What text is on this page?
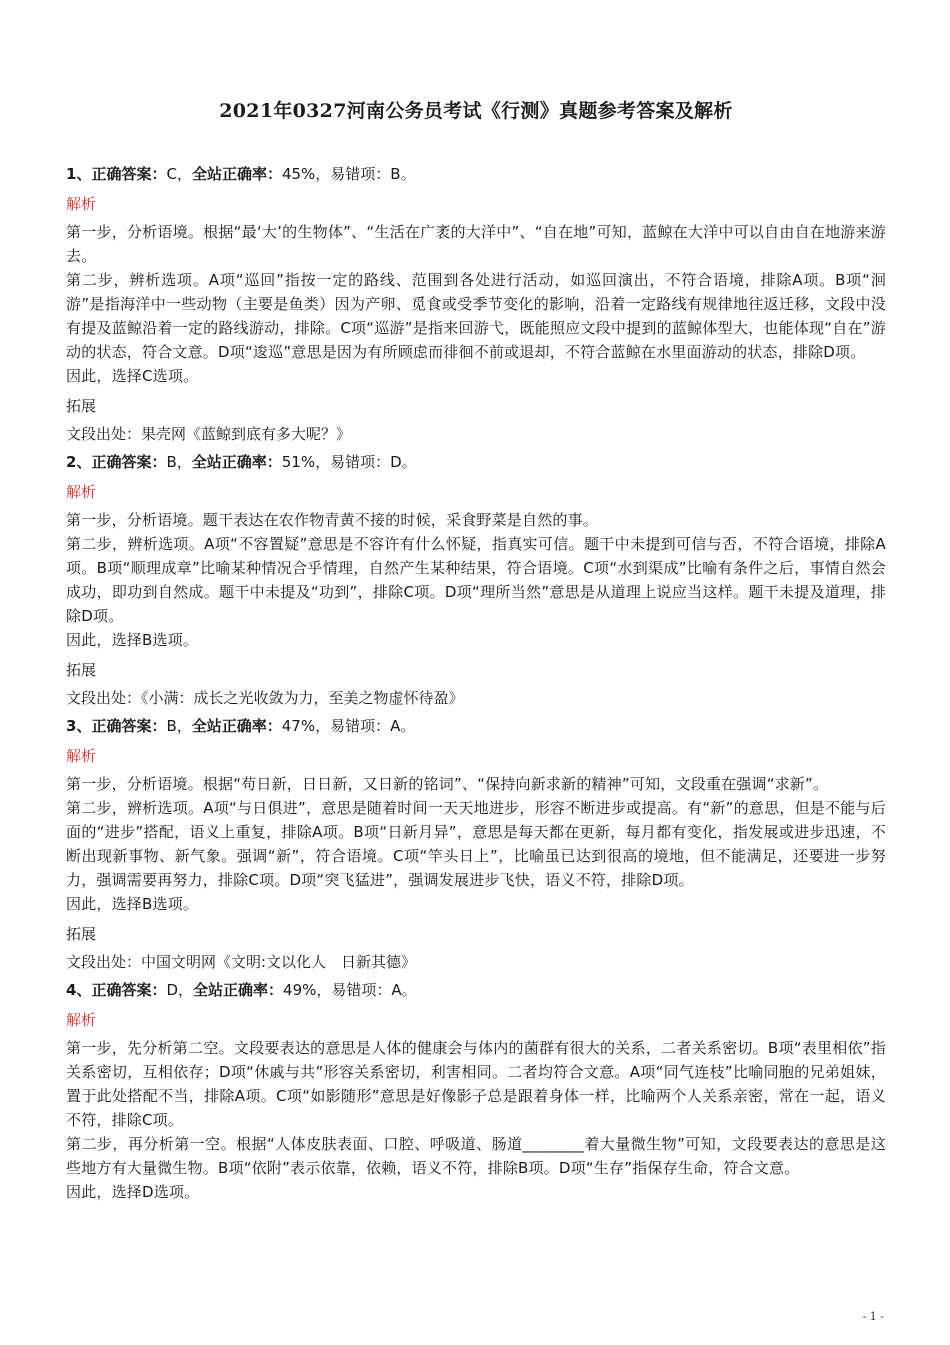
2021年0327河南公务员考试《行测》真题参考答案及解析
1、正确答案：C，全站正确率：45%，易错项：B。
解析

第一步，分析语境。根据“最‘大’的生物体”、“生活在广袤的大洋中”、“自在地”可知，蓝鲸在大洋中可以自由自在地游来游去。

第二步，辨析选项。A项“巡回”指按一定的路线、范围到各处进行活动，如巡回演出，不符合语境，排除A项。B项“洄游”是指海洋中一些动物（主要是鱼类）因为产卵、觅食或受季节变化的影响，沿着一定路线有规律地往返迁移，文段中没有提及蓝鲸沿着一定的路线游动，排除。C项“巡游”是指来回游弋，既能照应文段中提到的蓝鲸体型大，也能体现“自在”游动的状态，符合文意。D项“逡巡”意思是因为有所顾虑而徘徊不前或退却，不符合蓝鲸在水里面游动的状态，排除D项。

因此，选择C选项。

拓展
文段出处：果壳网《蓝鲸到底有多大呢？》
2、正确答案：B，全站正确率：51%，易错项：D。
解析

第一步，分析语境。题干表达在农作物青黄不接的时候，采食野菜是自然的事。

第二步，辨析选项。A项“不容置疑”意思是不容许有什么怀疑，指真实可信。题干中未提到可信与否，不符合语境，排除A项。B项“顺理成章”比喻某种情况合乎情理，自然产生某种结果，符合语境。C项“水到渠成”比喻有条件之后，事情自然会成功，即功到自然成。题干中未提及“功到”，排除C项。D项“理所当然”意思是从道理上说应当这样。题干未提及道理，排除D项。

因此，选择B选项。

拓展
文段出处：《小满：成长之光收敛为力，至美之物虚怀待盈》
3、正确答案：B，全站正确率：47%，易错项：A。
解析

第一步，分析语境。根据“苟日新，日日新，又日新的铭词”、“保持向新求新的精神”可知，文段重在强调“求新”。

第二步，辨析选项。A项“与日俱进”，意思是随着时间一天天地进步，形容不断进步或提高。有“新”的意思，但是不能与后面的“进步”搭配，语义上重复，排除A项。B项“日新月异”，意思是每天都在更新，每月都有变化，指发展或进步迅速，不断出现新事物、新气象。强调“新”，符合语境。C项“竿头日上”，比喻虽已达到很高的境地，但不能满足，还要进一步努力，强调需要再努力，排除C项。D项“突飞猛进”，强调发展进步飞快，语义不符，排除D项。

因此，选择B选项。

拓展
文段出处：中国文明网《文明:文以化人　日新其德》
4、正确答案：D，全站正确率：49%，易错项：A。
解析

第一步，先分析第二空。文段要表达的意思是人体的健康会与体内的菌群有很大的关系，二者关系密切。B项“表里相依”指关系密切，互相依存；D项“休戚与共”形容关系密切，利害相同。二者均符合文意。A项“同气连枝”比喻同胞的兄弟姐妹，置于此处搭配不当，排除A项。C项“如影随形”意思是好像影子总是跟着身体一样，比喻两个人关系亲密，常在一起，语义不符，排除C项。

第二步，再分析第一空。根据“人体皮肤表面、口腔、呼吸道、肠道________着大量微生物”可知，文段要表达的意思是这些地方有大量微生物。B项“依附”表示依靠，依赖，语义不符，排除B项。D项“生存”指保存生命，符合文意。

因此，选择D选项。

- 1 -
